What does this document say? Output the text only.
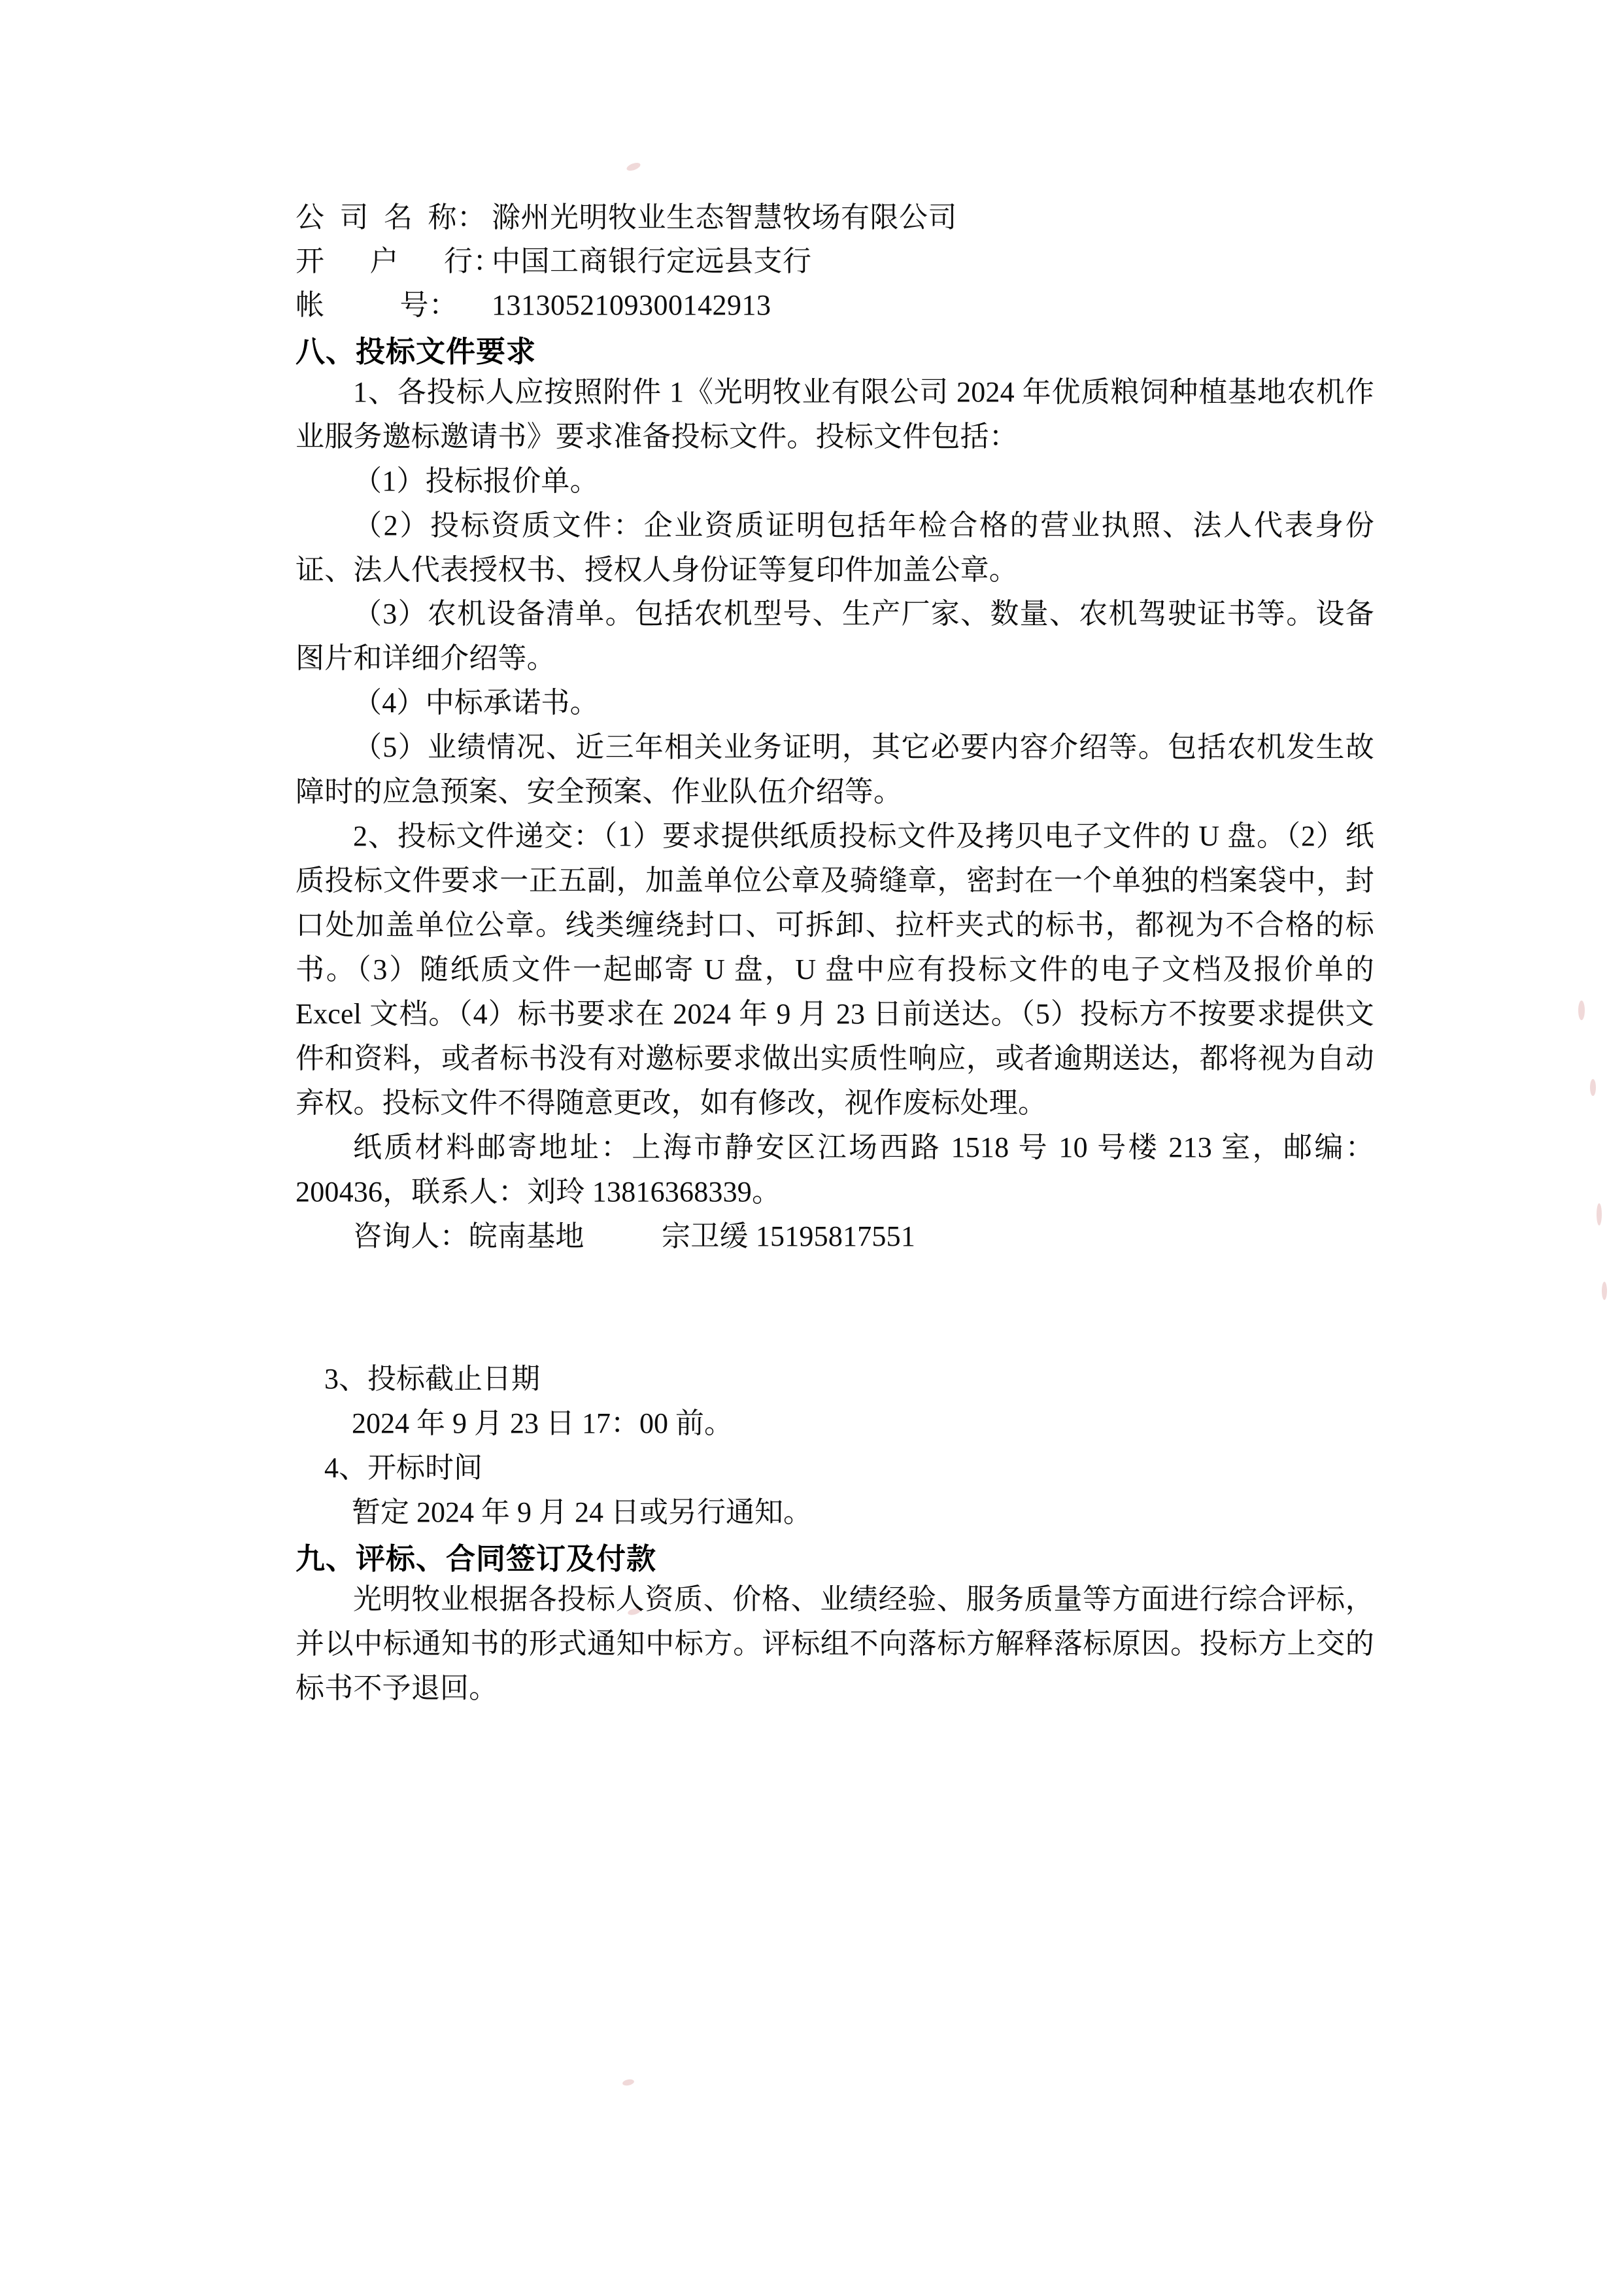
公  司  名  称： 滁州光明牧业生态智慧牧场有限公司
开      户      行：
中国工商银行定远县支行
帐          号：	1313052109300142913
八、投标文件要求

1、各投标人应按照附件 1《光明牧业有限公司 2024 年优质粮饲种植基地农机作业服务邀标邀请书》要求准备投标文件。投标文件包括：

（1）投标报价单。

（2）投标资质文件：企业资质证明包括年检合格的营业执照、法人代表身份证、法人代表授权书、授权人身份证等复印件加盖公章。

（3）农机设备清单。包括农机型号、生产厂家、数量、农机驾驶证书等。设备图片和详细介绍等。

（4）中标承诺书。

（5）业绩情况、近三年相关业务证明，其它必要内容介绍等。包括农机发生故障时的应急预案、安全预案、作业队伍介绍等。

2、投标文件递交：（1）要求提供纸质投标文件及拷贝电子文件的 U 盘。（2）纸质投标文件要求一正五副，加盖单位公章及骑缝章，密封在一个单独的档案袋中，封口处加盖单位公章。线类缠绕封口、可拆卸、拉杆夹式的标书，都视为不合格的标书。（3）随纸质文件一起邮寄 U 盘，U 盘中应有投标文件的电子文档及报价单的 Excel 文档。（4）标书要求在 2024 年 9 月 23 日前送达。（5）投标方不按要求提供文件和资料，或者标书没有对邀标要求做出实质性响应，或者逾期送达，都将视为自动弃权。投标文件不得随意更改，如有修改，视作废标处理。

纸质材料邮寄地址：上海市静安区江场西路 1518 号 10 号楼 213 室，邮编：200436，联系人：刘玲 13816368339。

咨询人：皖南基地	宗卫缓 15195817551

3、投标截止日期

2024 年 9 月 23 日 17：00 前。

4、开标时间

暂定 2024 年 9 月 24 日或另行通知。

九、评标、合同签订及付款

光明牧业根据各投标人资质、价格、业绩经验、服务质量等方面进行综合评标，并以中标通知书的形式通知中标方。评标组不向落标方解释落标原因。投标方上交的标书不予退回。
